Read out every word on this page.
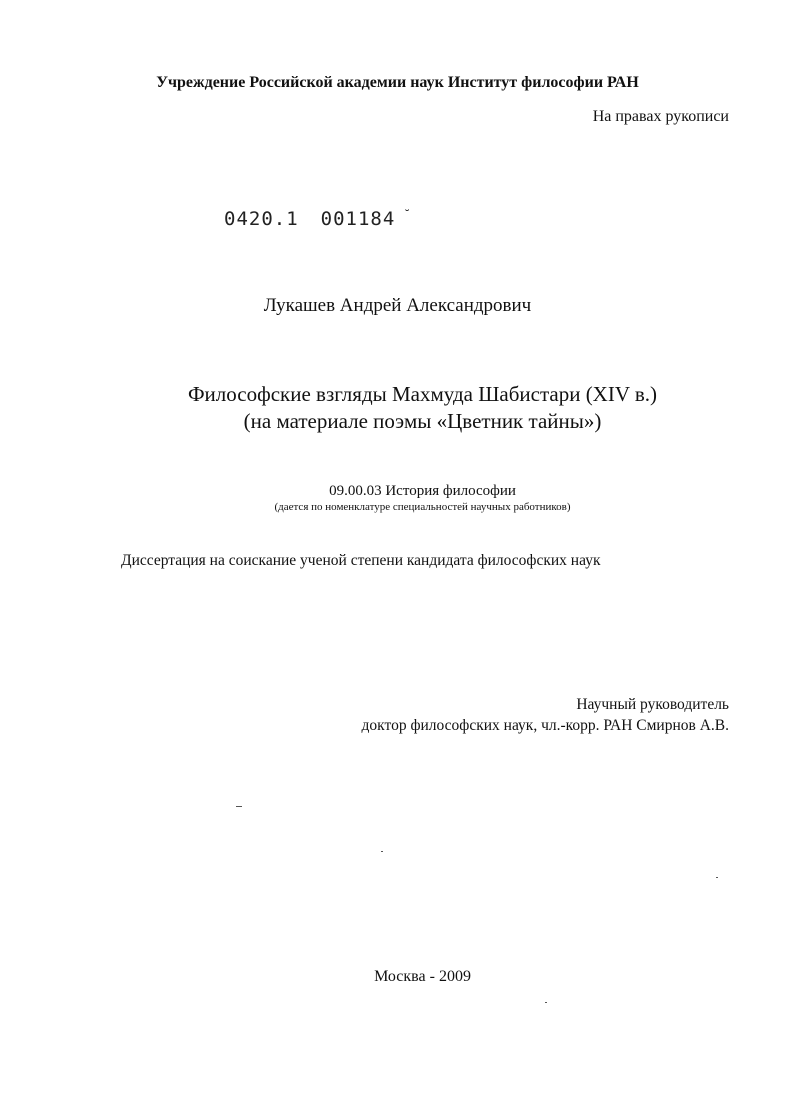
Учреждение Российской академии наук Институт философии РАН
На правах рукописи
0420.1 001184 ˘
Лукашев Андрей Александрович
Философские взгляды Махмуда Шабистари (XIV в.)
(на материале поэмы «Цветник тайны»)
09.00.03 История философии
(дается по номенклатуре специальностей научных работников)
Диссертация на соискание ученой степени кандидата философских наук
Научный руководитель
доктор философских наук, чл.-корр. РАН Смирнов А.В.
Москва - 2009
